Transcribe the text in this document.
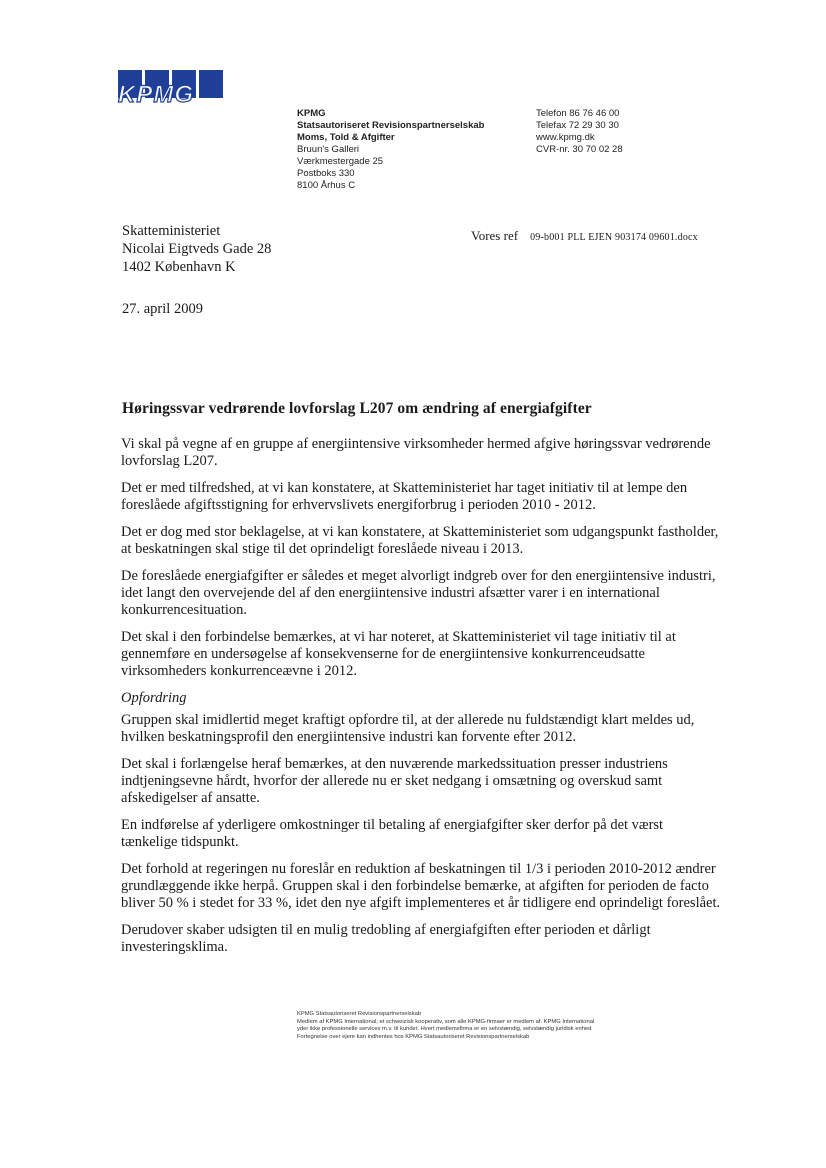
KPMG
KPMG
Statsautoriseret Revisionspartnerselskab
Moms, Told & Afgifter
Bruun's Galleri
Værkmestergade 25
Postboks 330
8100 Århus C
Telefon 86 76 46 00
Telefax 72 29 30 30
www.kpmg.dk
CVR-nr. 30 70 02 28
Skatteministeriet
Nicolai Eigtveds Gade 28
1402 København K
Vores ref 09-b001 PLL EJEN 903174 09601.docx
27. april 2009
Høringssvar vedrørende lovforslag L207 om ændring af energiafgifter

Vi skal på vegne af en gruppe af energiintensive virksomheder hermed afgive høringssvar vedrørende lovforslag L207.

Det er med tilfredshed, at vi kan konstatere, at Skatteministeriet har taget initiativ til at lempe den foreslåede afgiftsstigning for erhvervslivets energiforbrug i perioden 2010 - 2012.

Det er dog med stor beklagelse, at vi kan konstatere, at Skatteministeriet som udgangspunkt fastholder, at beskatningen skal stige til det oprindeligt foreslåede niveau i 2013.

De foreslåede energiafgifter er således et meget alvorligt indgreb over for den energiintensive industri, idet langt den overvejende del af den energiintensive industri afsætter varer i en international konkurrencesituation.

Det skal i den forbindelse bemærkes, at vi har noteret, at Skatteministeriet vil tage initiativ til at gennemføre en undersøgelse af konsekvenserne for de energiintensive konkurrenceudsatte virksomheders konkurrenceævne i 2012.

Opfordring

Gruppen skal imidlertid meget kraftigt opfordre til, at der allerede nu fuldstændigt klart meldes ud, hvilken beskatningsprofil den energiintensive industri kan forvente efter 2012.

Det skal i forlængelse heraf bemærkes, at den nuværende markedssituation presser industriens indtjeningsevne hårdt, hvorfor der allerede nu er sket nedgang i omsætning og overskud samt afskedigelser af ansatte.

En indførelse af yderligere omkostninger til betaling af energiafgifter sker derfor på det værst tænkelige tidspunkt.

Det forhold at regeringen nu foreslår en reduktion af beskatningen til 1/3 i perioden 2010-2012 ændrer grundlæggende ikke herpå. Gruppen skal i den forbindelse bemærke, at afgiften for perioden de facto bliver 50 % i stedet for 33 %, idet den nye afgift implementeres et år tidligere end oprindeligt foreslået.

Derudover skaber udsigten til en mulig tredobling af energiafgiften efter perioden et dårligt investeringsklima.

KPMG Statsautoriseret Revisionspartnerselskab
Medlem af KPMG International, et schweizisk kooperativ, som alle KPMG-firmaer er medlem af. KPMG International
yder ikke professionelle services m.v. til kunder. Hvert medlemsfirma er en selvstændig, selvstændig juridisk enhed
Fortegnelse over ejere kan indhentes hos KPMG Statsautoriseret Revisionspartnerselskab
